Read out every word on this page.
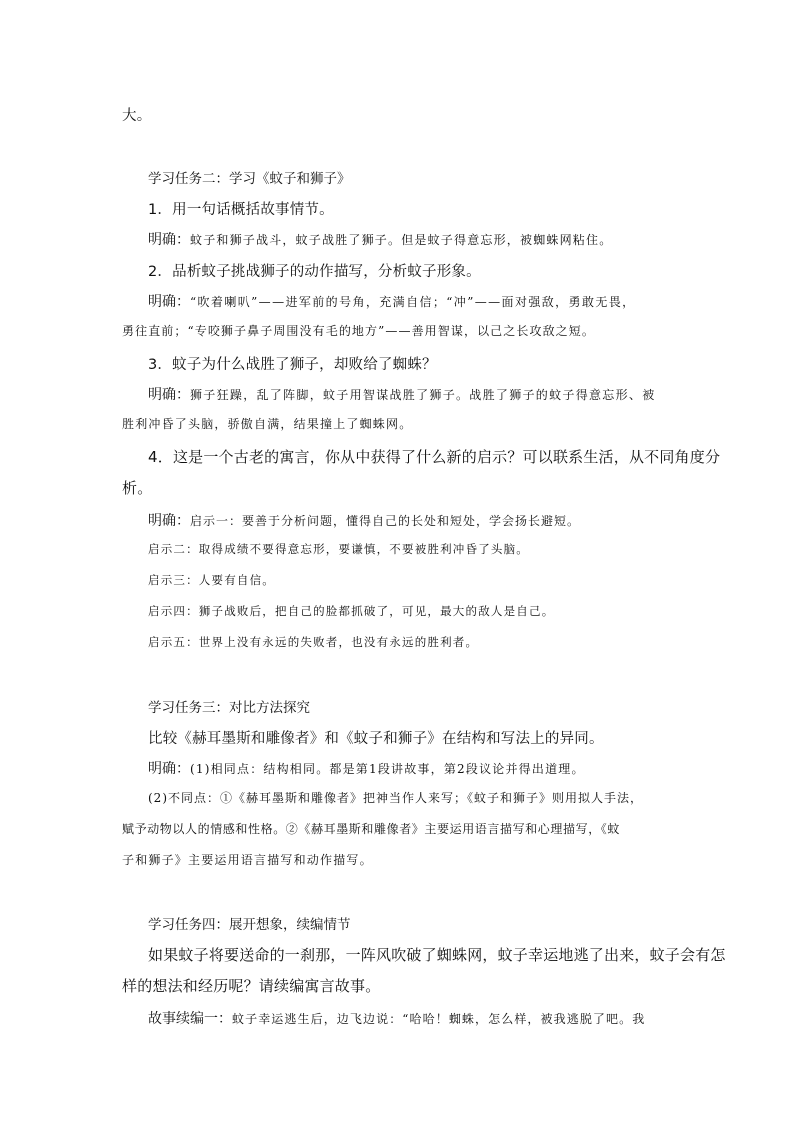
大。
学习任务二：学习《蚊子和狮子》
1．用一句话概括故事情节。
明确：蚊子和狮子战斗，蚊子战胜了狮子。但是蚊子得意忘形，被蜘蛛网粘住。
2．品析蚊子挑战狮子的动作描写，分析蚊子形象。
明确：“吹着喇叭”——进军前的号角，充满自信；“冲”——面对强敌，勇敢无畏，
勇往直前；“专咬狮子鼻子周围没有毛的地方”——善用智谋，以己之长攻敌之短。
3．蚊子为什么战胜了狮子，却败给了蜘蛛？
明确：狮子狂躁，乱了阵脚，蚊子用智谋战胜了狮子。战胜了狮子的蚊子得意忘形、被
胜利冲昏了头脑，骄傲自满，结果撞上了蜘蛛网。
4．这是一个古老的寓言，你从中获得了什么新的启示？可以联系生活，从不同角度分
析。
明确：启示一：要善于分析问题，懂得自己的长处和短处，学会扬长避短。
启示二：取得成绩不要得意忘形，要谦慎，不要被胜利冲昏了头脑。
启示三：人要有自信。
启示四：狮子战败后，把自己的脸都抓破了，可见，最大的敌人是自己。
启示五：世界上没有永远的失败者，也没有永远的胜利者。
学习任务三：对比方法探究
比较《赫耳墨斯和雕像者》和《蚊子和狮子》在结构和写法上的异同。
明确：(1)相同点：结构相同。都是第1段讲故事，第2段议论并得出道理。
(2)不同点：①《赫耳墨斯和雕像者》把神当作人来写；《蚊子和狮子》则用拟人手法，
赋予动物以人的情感和性格。②《赫耳墨斯和雕像者》主要运用语言描写和心理描写，《蚊
子和狮子》主要运用语言描写和动作描写。
学习任务四：展开想象，续编情节
如果蚊子将要送命的一刹那，一阵风吹破了蜘蛛网，蚊子幸运地逃了出来，蚊子会有怎
样的想法和经历呢？请续编寓言故事。
故事续编一：蚊子幸运逃生后，边飞边说：“哈哈！蜘蛛，怎么样，被我逃脱了吧。我
